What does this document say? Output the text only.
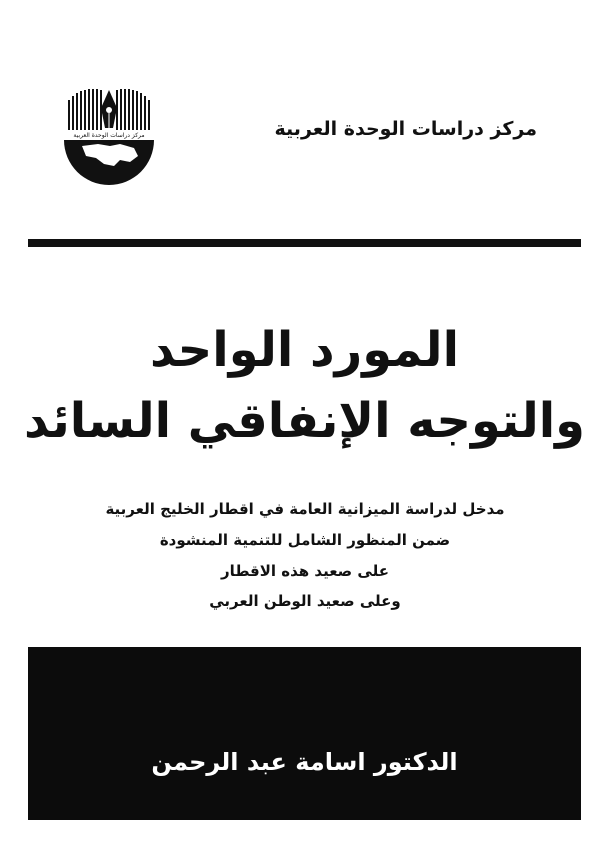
مركز دراسات الوحدة العربية	مركز دراسات الوحدة العربية
المورد الواحد
والتوجه الإنفاقي السائد
مدخل لدراسة الميزانية العامة في اقطار الخليج العربية
ضمن المنظور الشامل للتنمية المنشودة
على صعيد هذه الاقطار
وعلى صعيد الوطن العربي
الدكتور اسامة عبد الرحمن
